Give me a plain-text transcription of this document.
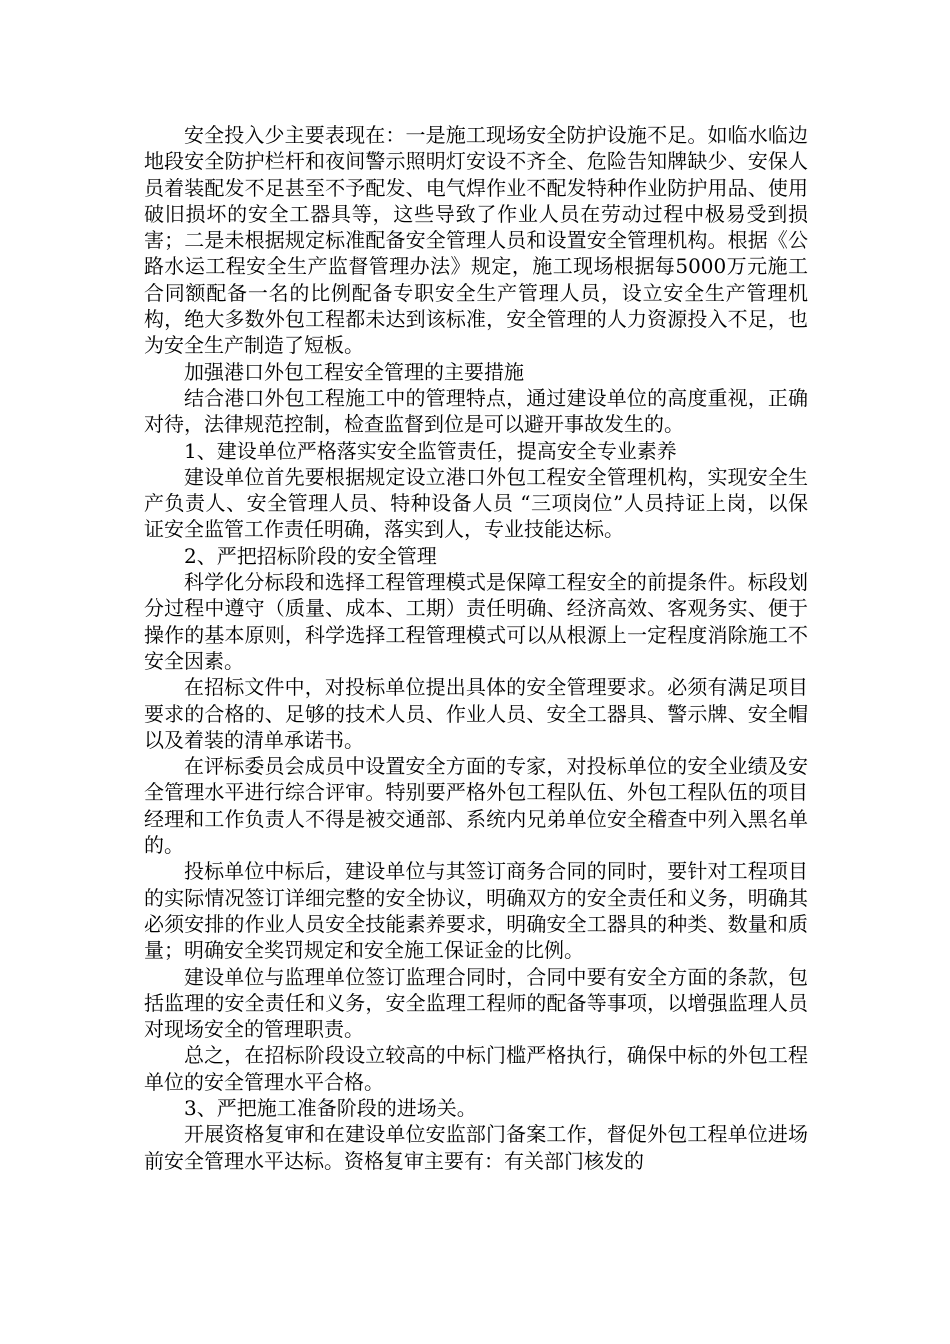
安全投入少主要表现在：一是施工现场安全防护设施不足。如临水临边地段安全防护栏杆和夜间警示照明灯安设不齐全、危险告知牌缺少、安保人员着装配发不足甚至不予配发、电气焊作业不配发特种作业防护用品、使用破旧损坏的安全工器具等，这些导致了作业人员在劳动过程中极易受到损害；二是未根据规定标准配备安全管理人员和设置安全管理机构。根据《公路水运工程安全生产监督管理办法》规定，施工现场根据每5000万元施工合同额配备一名的比例配备专职安全生产管理人员，设立安全生产管理机构，绝大多数外包工程都未达到该标准，安全管理的人力资源投入不足，也为安全生产制造了短板。

加强港口外包工程安全管理的主要措施

结合港口外包工程施工中的管理特点，通过建设单位的高度重视，正确对待，法律规范控制，检查监督到位是可以避开事故发生的。

1、建设单位严格落实安全监管责任，提高安全专业素养

建设单位首先要根据规定设立港口外包工程安全管理机构，实现安全生产负责人、安全管理人员、特种设备人员 “三项岗位”人员持证上岗，以保证安全监管工作责任明确，落实到人，专业技能达标。

2、严把招标阶段的安全管理

科学化分标段和选择工程管理模式是保障工程安全的前提条件。标段划分过程中遵守（质量、成本、工期）责任明确、经济高效、客观务实、便于操作的基本原则，科学选择工程管理模式可以从根源上一定程度消除施工不安全因素。

在招标文件中，对投标单位提出具体的安全管理要求。必须有满足项目要求的合格的、足够的技术人员、作业人员、安全工器具、警示牌、安全帽以及着装的清单承诺书。

在评标委员会成员中设置安全方面的专家，对投标单位的安全业绩及安全管理水平进行综合评审。特别要严格外包工程队伍、外包工程队伍的项目经理和工作负责人不得是被交通部、系统内兄弟单位安全稽查中列入黑名单的。

投标单位中标后，建设单位与其签订商务合同的同时，要针对工程项目的实际情况签订详细完整的安全协议，明确双方的安全责任和义务，明确其必须安排的作业人员安全技能素养要求，明确安全工器具的种类、数量和质量；明确安全奖罚规定和安全施工保证金的比例。

建设单位与监理单位签订监理合同时，合同中要有安全方面的条款，包括监理的安全责任和义务，安全监理工程师的配备等事项，以增强监理人员对现场安全的管理职责。

总之，在招标阶段设立较高的中标门槛严格执行，确保中标的外包工程单位的安全管理水平合格。

3、严把施工准备阶段的进场关。

开展资格复审和在建设单位安监部门备案工作，督促外包工程单位进场前安全管理水平达标。资格复审主要有：有关部门核发的
